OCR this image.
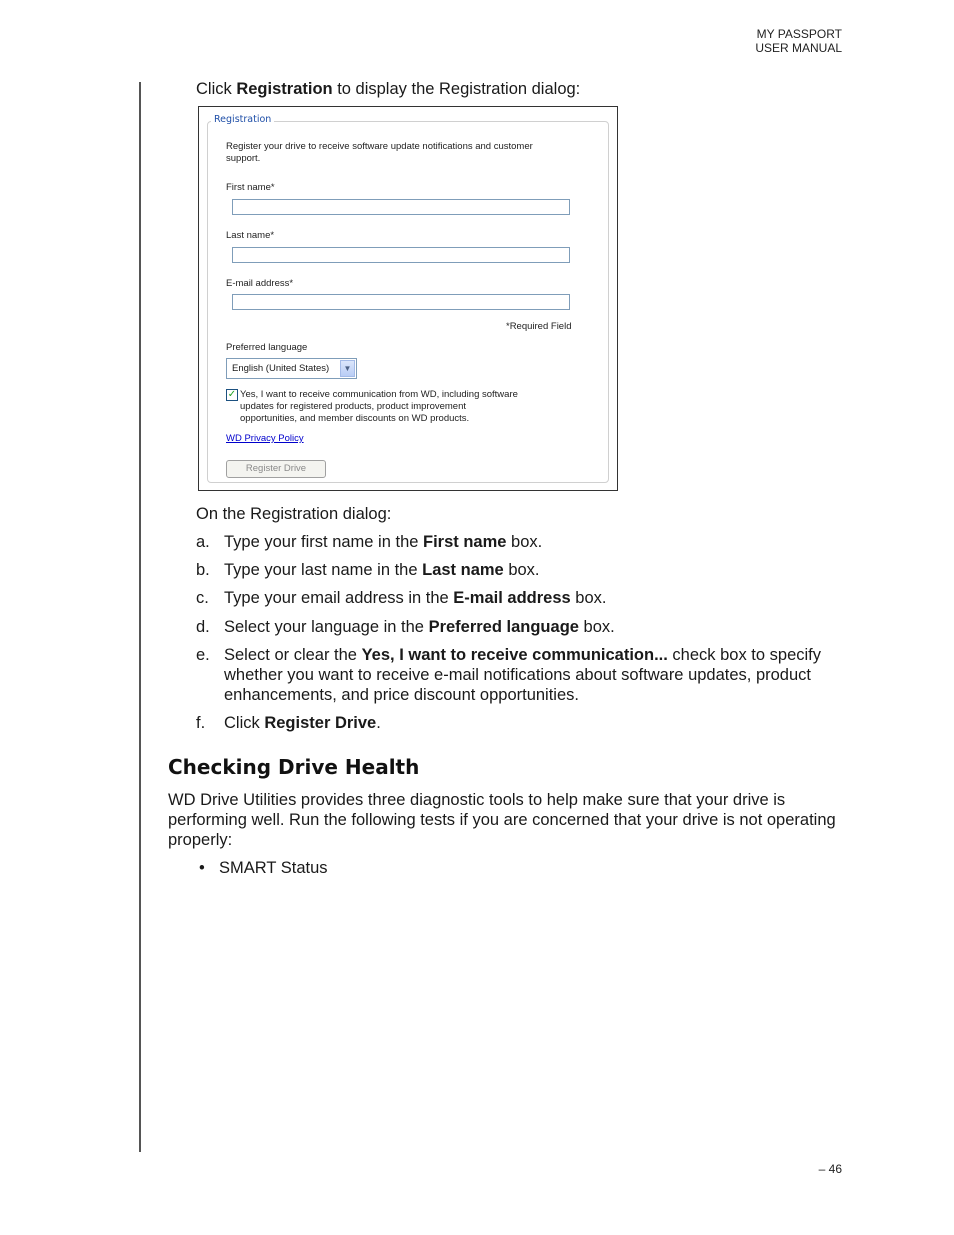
MY PASSPORT
USER MANUAL
Click Registration to display the Registration dialog:
Registration
Register your drive to receive software update notifications and customer
support.
First name*
Last name*
E-mail address*
*Required Field
Preferred language
English (United States)	▼
✓ Yes, I want to receive communication from WD, including software
updates for registered products, product improvement
opportunities, and member discounts on WD products.
WD Privacy Policy
Register Drive
On the Registration dialog:
a. Type your first name in the First name box.
b. Type your last name in the Last name box.
c. Type your email address in the E-mail address box.
d. Select your language in the Preferred language box.
e. Select or clear the Yes, I want to receive communication... check box to specify whether you want to receive e-mail notifications about software updates, product enhancements, and price discount opportunities.
f. Click Register Drive.
Checking Drive Health
WD Drive Utilities provides three diagnostic tools to help make sure that your drive is performing well. Run the following tests if you are concerned that your drive is not operating properly:
• SMART Status
– 46
